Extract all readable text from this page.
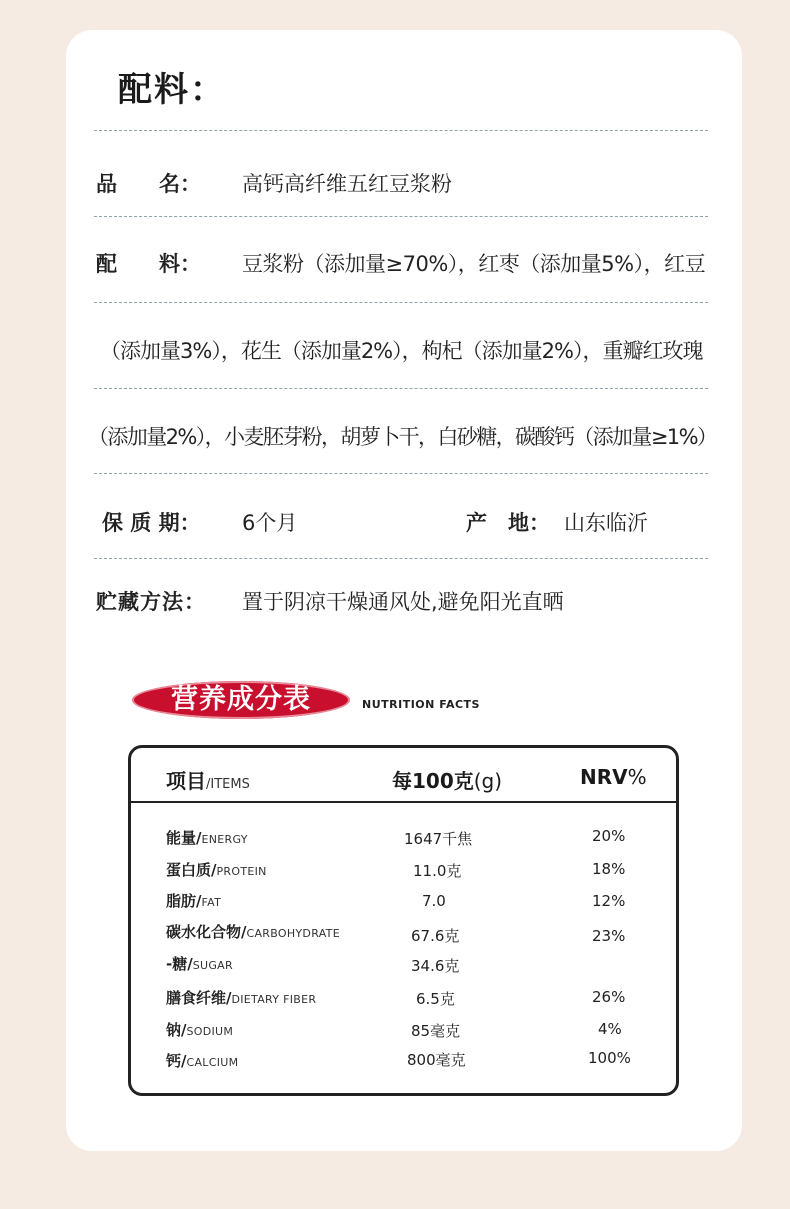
配料：
品　　名： 高钙高纤维五红豆浆粉
配　　料： 豆浆粉（添加量≥70%），红枣（添加量5%），红豆
（添加量3%），花生（添加量2%），枸杞（添加量2%），重瓣红玫瑰
（添加量2%），小麦胚芽粉，胡萝卜干，白砂糖，碳酸钙（添加量≥1%）
保 质 期： 6个月	产　地： 山东临沂
贮藏方法： 置于阴凉干燥通风处,避免阳光直晒
营养成分表	NUTRITION FACTS
项目/ITEMS	每100克(g)	NRV%
能量/ENERGY	1647千焦	20%
蛋白质/PROTEIN	11.0克	18%
脂肪/FAT	7.0	12%
碳水化合物/CARBOHYDRATE	67.6克	23%
-糖/SUGAR	34.6克
膳食纤维/DIETARY FIBER	6.5克	26%
钠/SODIUM	85毫克	4%
钙/CALCIUM	800毫克	100%
